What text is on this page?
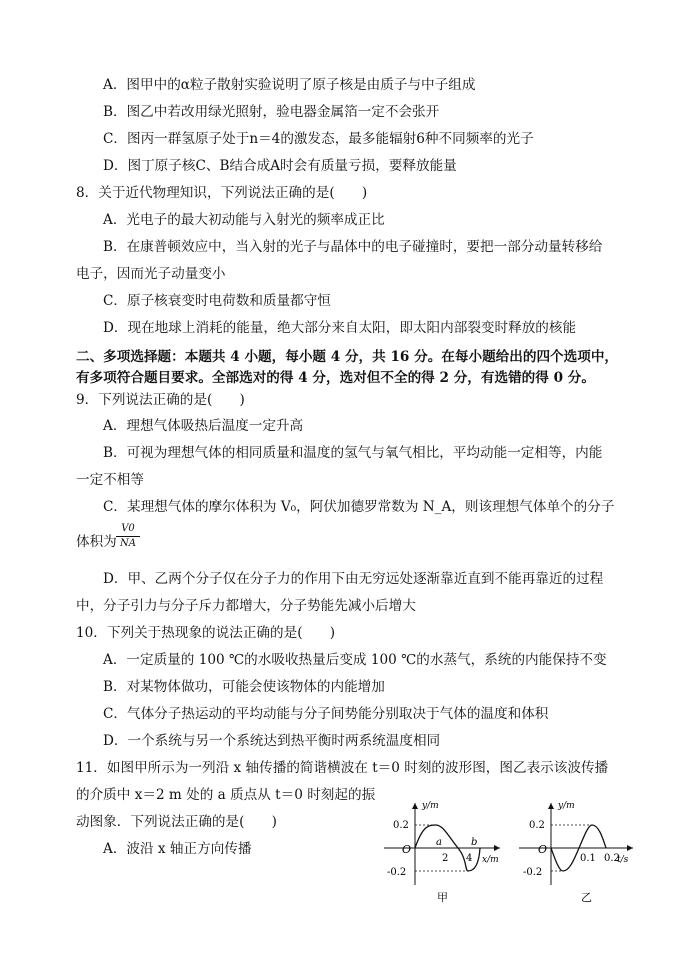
A．图甲中的α粒子散射实验说明了原子核是由质子与中子组成
B．图乙中若改用绿光照射，验电器金属箔一定不会张开
C．图丙一群氢原子处于n＝4的激发态，最多能辐射6种不同频率的光子
D．图丁原子核C、B结合成A时会有质量亏损，要释放能量
8．关于近代物理知识，下列说法正确的是(　　)
A．光电子的最大初动能与入射光的频率成正比
B．在康普顿效应中，当入射的光子与晶体中的电子碰撞时，要把一部分动量转移给
电子，因而光子动量变小
C．原子核衰变时电荷数和质量都守恒
D．现在地球上消耗的能量，绝大部分来自太阳，即太阳内部裂变时释放的核能
二、多项选择题：本题共 4 小题，每小题 4 分，共 16 分。在每小题给出的四个选项中，
有多项符合题目要求。全部选对的得 4 分，选对但不全的得 2 分，有选错的得 0 分。
9．下列说法正确的是(　　)
A．理想气体吸热后温度一定升高
B．可视为理想气体的相同质量和温度的氢气与氧气相比，平均动能一定相等，内能
一定不相等
C．某理想气体的摩尔体积为 V₀，阿伏加德罗常数为 N_A，则该理想气体单个的分子
体积为
V0
NA
D．甲、乙两个分子仅在分子力的作用下由无穷远处逐渐靠近直到不能再靠近的过程
中，分子引力与分子斥力都增大，分子势能先减小后增大
10．下列关于热现象的说法正确的是(　　)
A．一定质量的 100 ℃的水吸收热量后变成 100 ℃的水蒸气，系统的内能保持不变
B．对某物体做功，可能会使该物体的内能增加
C．气体分子热运动的平均动能与分子间势能分别取决于气体的温度和体积
D．一个系统与另一个系统达到热平衡时两系统温度相同
11．如图甲所示为一列沿 x 轴传播的简谐横波在 t＝0 时刻的波形图，图乙表示该波传播
的介质中 x＝2 m 处的 a 质点从 t＝0 时刻起的振
动图象．下列说法正确的是(　　)
A．波沿 x 轴正方向传播
y/m
x/m
0.2
-0.2
O
a	b
2 4
甲
y/m
t/s
0.2
-0.2
O
0.1 0.2
乙
